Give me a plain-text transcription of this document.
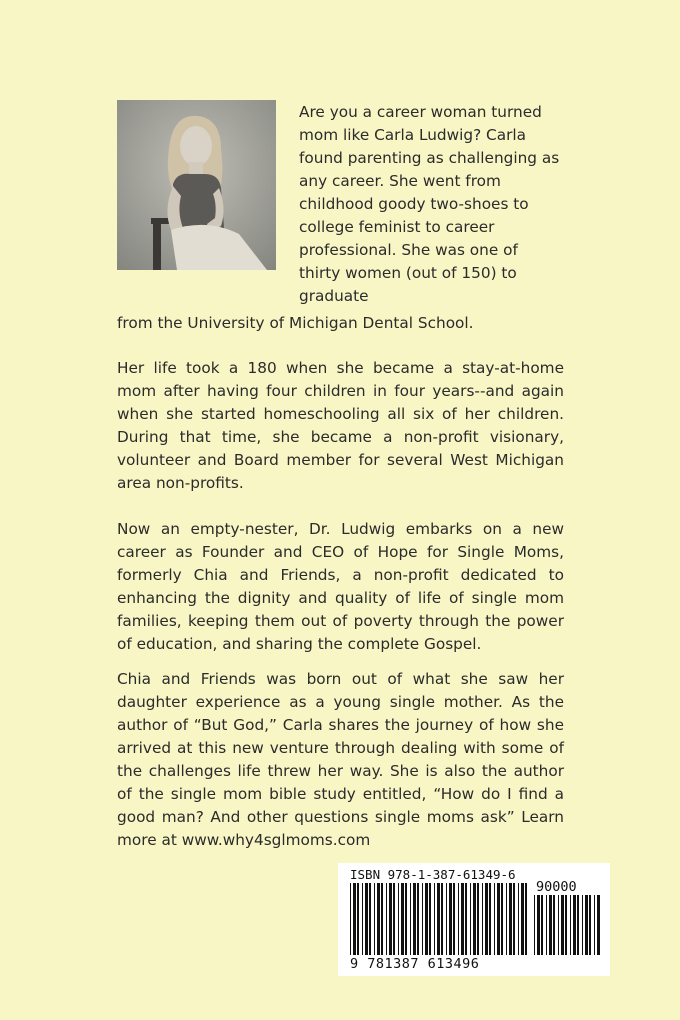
Are you a career woman turned mom like Carla Ludwig? Carla found parenting as challenging as any career. She went from childhood goody two-shoes to college feminist to career professional. She was one of thirty women (out of 150) to graduate

from the University of Michigan Dental School.

Her life took a 180 when she became a stay-at-home mom after having four children in four years--and again when she started homeschooling all six of her children. During that time, she became a non-profit visionary, volunteer and Board member for several West Michigan area non-profits.

Now an empty-nester, Dr. Ludwig embarks on a new career as Founder and CEO of Hope for Single Moms, formerly Chia and Friends, a non-profit dedicated to enhancing the dignity and quality of life of single mom families, keeping them out of poverty through the power of education, and sharing the complete Gospel.

Chia and Friends was born out of what she saw her daughter experience as a young single mother. As the author of “But God,” Carla shares the journey of how she arrived at this new venture through dealing with some of the challenges life threw her way. She is also the author of the single mom bible study entitled, “How do I find a good man? And other questions single moms ask” Learn more at www.why4sglmoms.com

ISBN 978-1-387-61349-6
90000
9 781387 613496
